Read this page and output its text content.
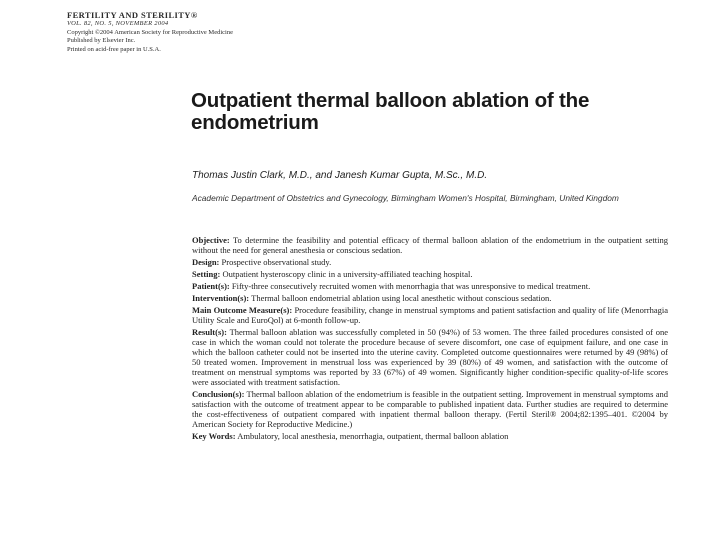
FERTILITY AND STERILITY®
VOL. 82, NO. 5, NOVEMBER 2004
Copyright ©2004 American Society for Reproductive Medicine
Published by Elsevier Inc.
Printed on acid-free paper in U.S.A.
Outpatient thermal balloon ablation of the endometrium
Thomas Justin Clark, M.D., and Janesh Kumar Gupta, M.Sc., M.D.
Academic Department of Obstetrics and Gynecology, Birmingham Women's Hospital, Birmingham, United Kingdom

Objective: To determine the feasibility and potential efficacy of thermal balloon ablation of the endometrium in the outpatient setting without the need for general anesthesia or conscious sedation.

Design: Prospective observational study.

Setting: Outpatient hysteroscopy clinic in a university-affiliated teaching hospital.

Patient(s): Fifty-three consecutively recruited women with menorrhagia that was unresponsive to medical treatment.

Intervention(s): Thermal balloon endometrial ablation using local anesthetic without conscious sedation.

Main Outcome Measure(s): Procedure feasibility, change in menstrual symptoms and patient satisfaction and quality of life (Menorrhagia Utility Scale and EuroQol) at 6-month follow-up.

Result(s): Thermal balloon ablation was successfully completed in 50 (94%) of 53 women. The three failed procedures consisted of one case in which the woman could not tolerate the procedure because of severe discomfort, one case of equipment failure, and one case in which the balloon catheter could not be inserted into the uterine cavity. Completed outcome questionnaires were returned by 49 (98%) of 50 treated women. Improvement in menstrual loss was experienced by 39 (80%) of 49 women, and satisfaction with the outcome of treatment on menstrual symptoms was reported by 33 (67%) of 49 women. Significantly higher condition-specific quality-of-life scores were associated with treatment satisfaction.

Conclusion(s): Thermal balloon ablation of the endometrium is feasible in the outpatient setting. Improvement in menstrual symptoms and satisfaction with the outcome of treatment appear to be comparable to published inpatient data. Further studies are required to determine the cost-effectiveness of outpatient compared with inpatient thermal balloon therapy. (Fertil Steril® 2004;82:1395–401. ©2004 by American Society for Reproductive Medicine.)

Key Words: Ambulatory, local anesthesia, menorrhagia, outpatient, thermal balloon ablation
